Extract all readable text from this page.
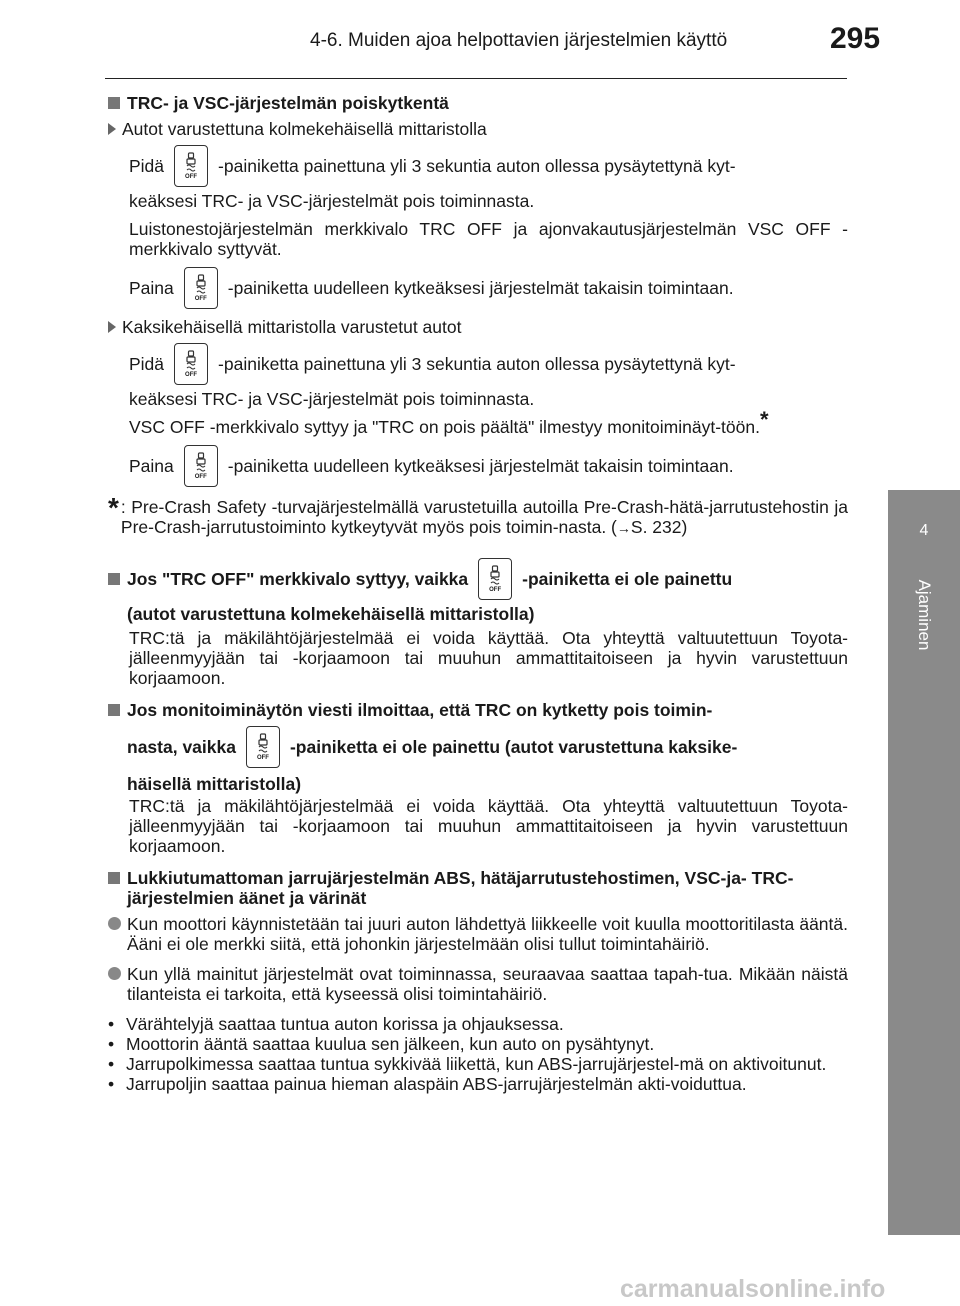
4-6. Muiden ajoa helpottavien järjestelmien käyttö	295
4
Ajaminen

TRC- ja VSC-järjestelmän poiskytkentä

Autot varustettuna kolmekehäisellä mittaristolla

Pidä
OFF
-painiketta painettuna yli 3 sekuntia auton ollessa pysäytettynä kyt-

keäksesi TRC- ja VSC-järjestelmät pois toiminnasta.

Luistonestojärjestelmän merkkivalo TRC OFF ja ajonvakautusjärjestelmän VSC OFF -merkkivalo syttyvät.

Paina
OFF
-painiketta uudelleen kytkeäksesi järjestelmät takaisin toimintaan.

Kaksikehäisellä mittaristolla varustetut autot

Pidä
OFF
-painiketta painettuna yli 3 sekuntia auton ollessa pysäytettynä kyt-

keäksesi TRC- ja VSC-järjestelmät pois toiminnasta.

VSC OFF -merkkivalo syttyy ja "TRC on pois päältä" ilmestyy monitoiminäyt-töön.*

Paina
OFF
-painiketta uudelleen kytkeäksesi järjestelmät takaisin toimintaan.

* : Pre-Crash Safety -turvajärjestelmällä varustetuilla autoilla Pre-Crash-hätä-jarrutustehostin ja Pre-Crash-jarrutustoiminto kytkeytyvät myös pois toimin-nasta. (→S. 232)

Jos "TRC OFF" merkkivalo syttyy, vaikka
OFF
-painiketta ei ole painettu

(autot varustettuna kolmekehäisellä mittaristolla)

TRC:tä ja mäkilähtöjärjestelmää ei voida käyttää. Ota yhteyttä valtuutettuun Toyota-jälleenmyyjään tai -korjaamoon tai muuhun ammattitaitoiseen ja hyvin varustettuun korjaamoon.

Jos monitoiminäytön viesti ilmoittaa, että TRC on kytketty pois toimin-

nasta, vaikka
OFF
-painiketta ei ole painettu (autot varustettuna kaksike-

häisellä mittaristolla)

TRC:tä ja mäkilähtöjärjestelmää ei voida käyttää. Ota yhteyttä valtuutettuun Toyota-jälleenmyyjään tai -korjaamoon tai muuhun ammattitaitoiseen ja hyvin varustettuun korjaamoon.

Lukkiutumattoman jarrujärjestelmän ABS, hätäjarrutustehostimen, VSC-ja- TRC-järjestelmien äänet ja värinät

Kun moottori käynnistetään tai juuri auton lähdettyä liikkeelle voit kuulla moottoritilasta ääntä. Ääni ei ole merkki siitä, että johonkin järjestelmään olisi tullut toimintahäiriö.

Kun yllä mainitut järjestelmät ovat toiminnassa, seuraavaa saattaa tapah-tua. Mikään näistä tilanteista ei tarkoita, että kyseessä olisi toimintahäiriö.

• Värähtelyjä saattaa tuntua auton korissa ja ohjauksessa.

• Moottorin ääntä saattaa kuulua sen jälkeen, kun auto on pysähtynyt.

• Jarrupolkimessa saattaa tuntua sykkivää liikettä, kun ABS-jarrujärjestel-mä on aktivoitunut.

• Jarrupoljin saattaa painua hieman alaspäin ABS-jarrujärjestelmän akti-voiduttua.

carmanualsonline.info
